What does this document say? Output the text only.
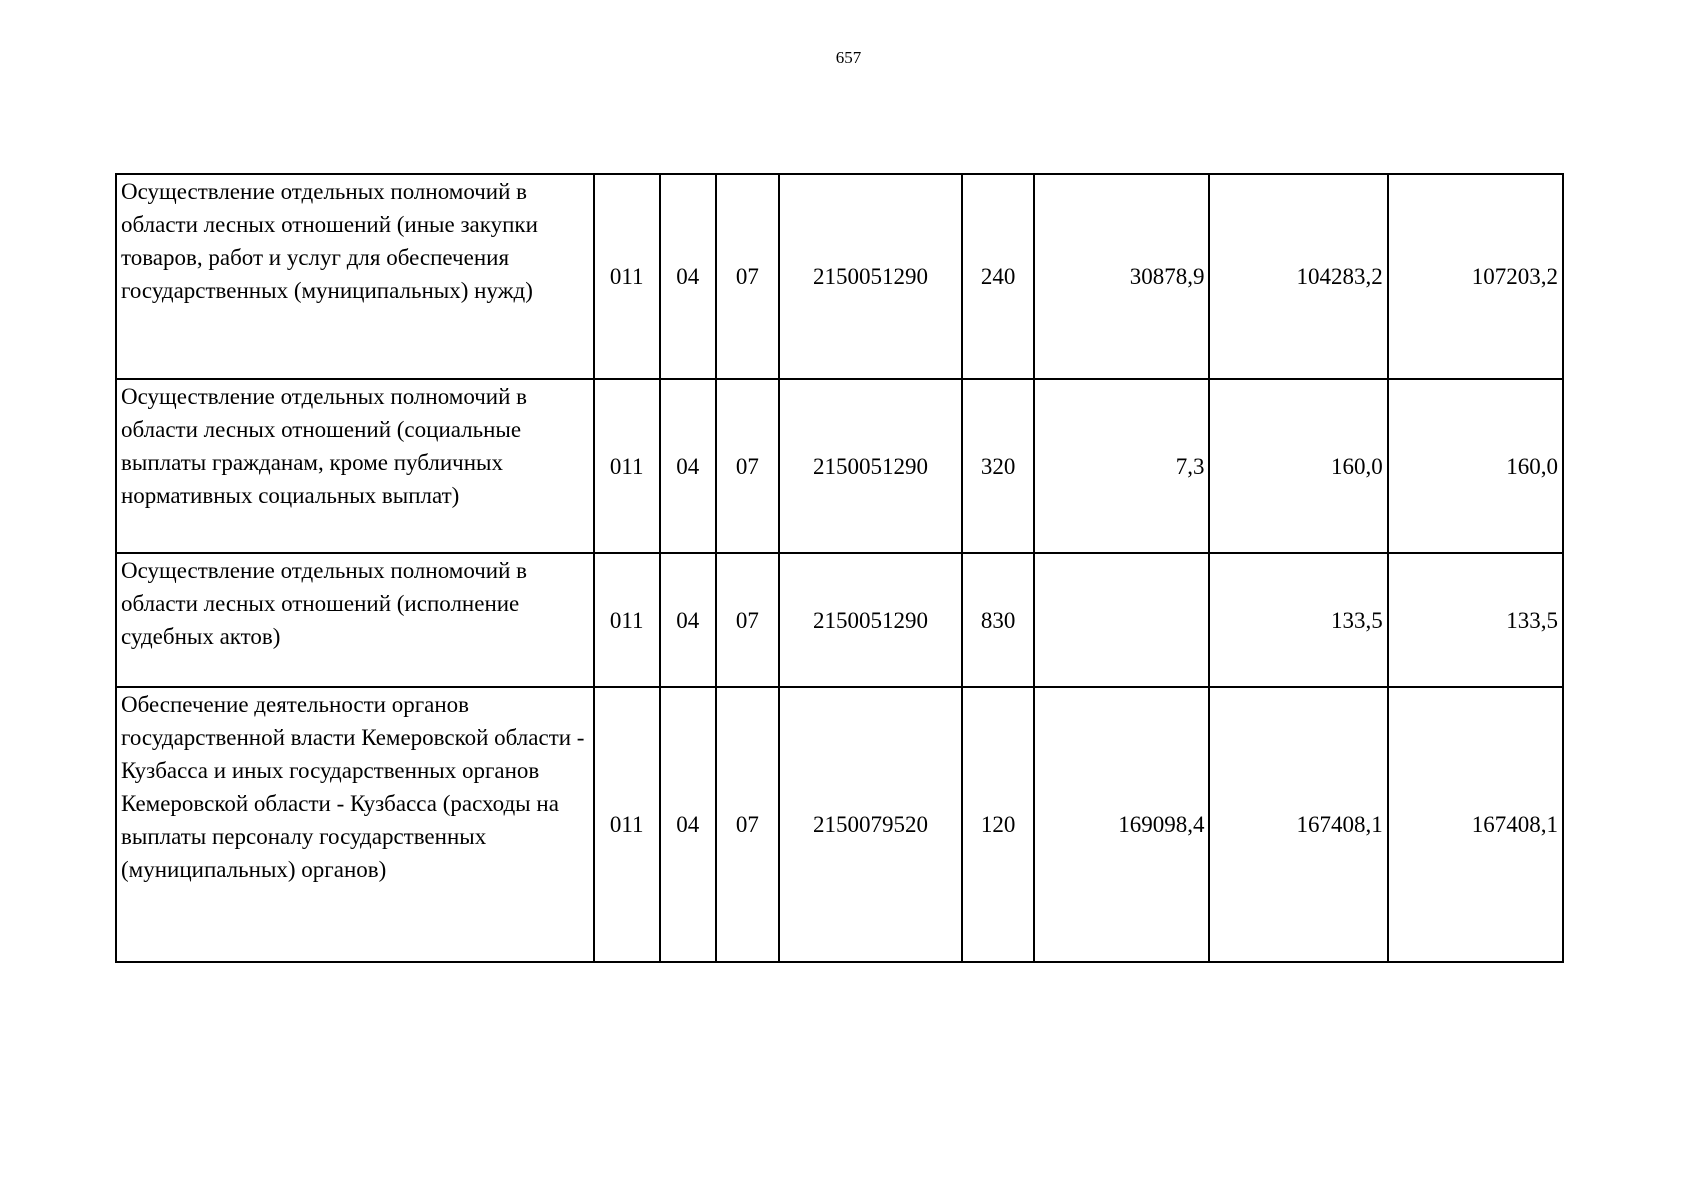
657
Осуществление отдельных полномочий в области лесных отношений (иные закупки товаров, работ и услуг для обеспечения государственных (муниципальных) нужд)	011	04	07	2150051290	240	30878,9	104283,2	107203,2
Осуществление отдельных полномочий в области лесных отношений (социальные выплаты гражданам, кроме публичных нормативных социальных выплат)	011	04	07	2150051290	320	7,3	160,0	160,0
Осуществление отдельных полномочий в области лесных отношений (исполнение судебных актов)	011	04	07	2150051290	830		133,5	133,5
Обеспечение деятельности органов государственной власти Кемеровской области - Кузбасса и иных государственных органов Кемеровской области - Кузбасса (расходы на выплаты персоналу государственных (муниципальных) органов)	011	04	07	2150079520	120	169098,4	167408,1	167408,1
